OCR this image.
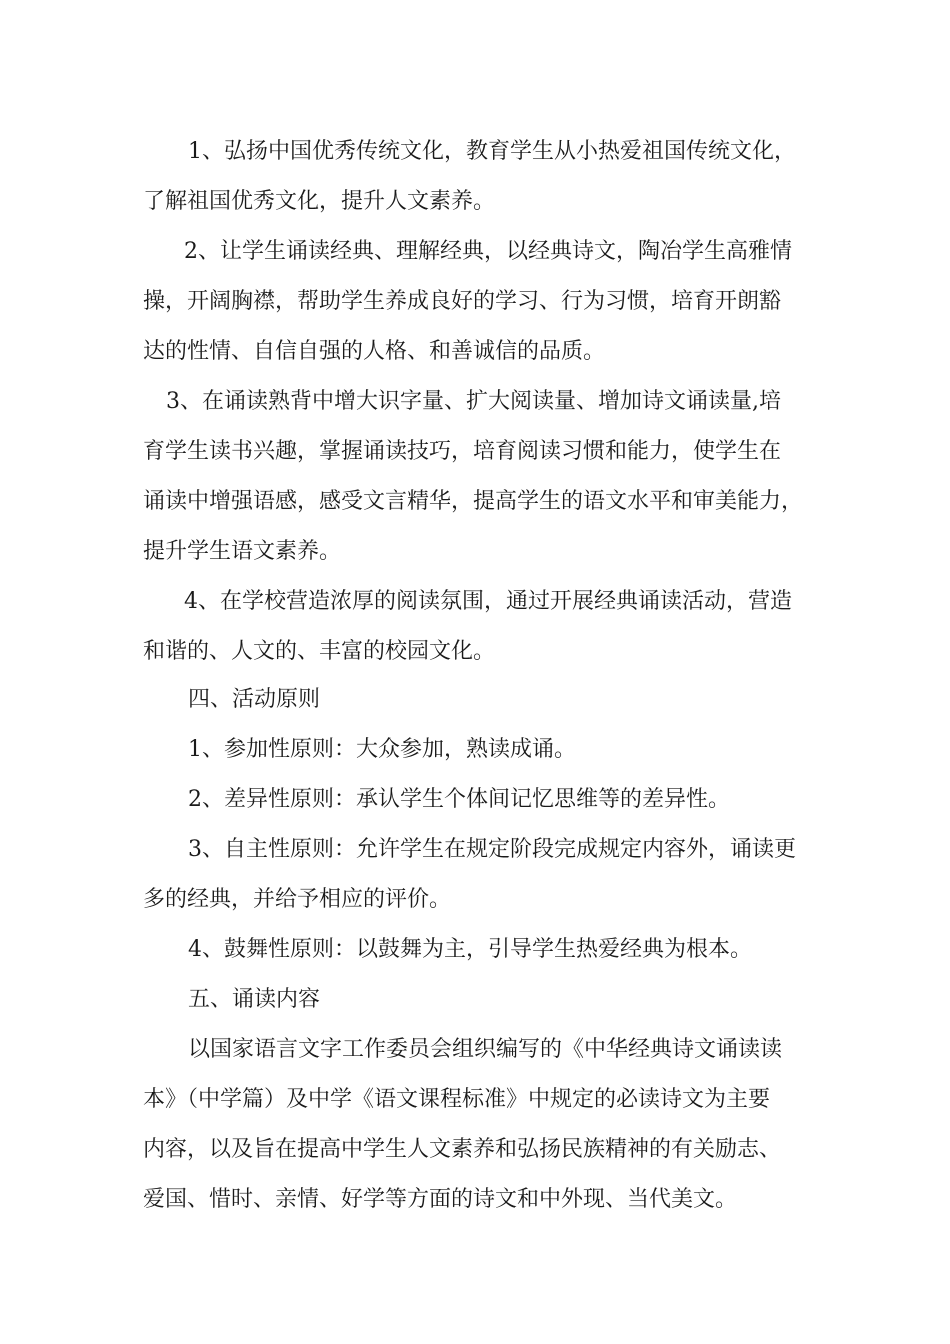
1、弘扬中国优秀传统文化，教育学生从小热爱祖国传统文化，
了解祖国优秀文化，提升人文素养。
2、让学生诵读经典、理解经典，以经典诗文，陶冶学生高雅情
操，开阔胸襟，帮助学生养成良好的学习、行为习惯，培育开朗豁
达的性情、自信自强的人格、和善诚信的品质。
3、在诵读熟背中增大识字量、扩大阅读量、增加诗文诵读量,培
育学生读书兴趣，掌握诵读技巧，培育阅读习惯和能力，使学生在
诵读中增强语感，感受文言精华，提高学生的语文水平和审美能力，
提升学生语文素养。
4、在学校营造浓厚的阅读氛围，通过开展经典诵读活动，营造
和谐的、人文的、丰富的校园文化。
四、活动原则
1、参加性原则：大众参加，熟读成诵。
2、差异性原则：承认学生个体间记忆思维等的差异性。
3、自主性原则：允许学生在规定阶段完成规定内容外，诵读更
多的经典，并给予相应的评价。
4、鼓舞性原则：以鼓舞为主，引导学生热爱经典为根本。
五、诵读内容
以国家语言文字工作委员会组织编写的《中华经典诗文诵读读
本》（中学篇）及中学《语文课程标准》中规定的必读诗文为主要
内容，以及旨在提高中学生人文素养和弘扬民族精神的有关励志、
爱国、惜时、亲情、好学等方面的诗文和中外现、当代美文。
